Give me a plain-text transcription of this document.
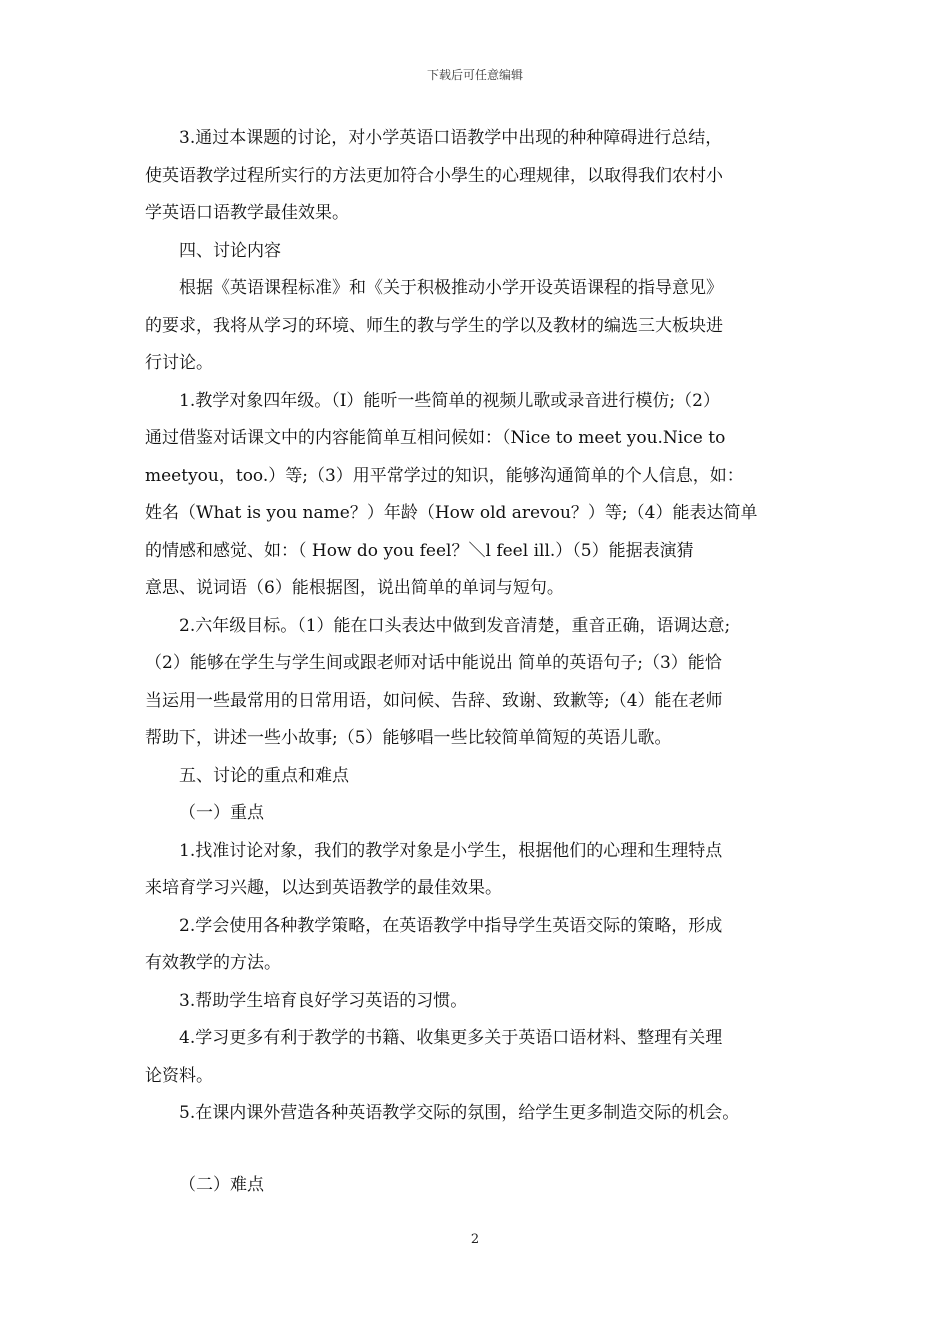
下载后可任意编辑

3.通过本课题的讨论，对小学英语口语教学中出现的种种障碍进行总结，

使英语教学过程所实行的方法更加符合小學生的心理规律，以取得我们农村小

学英语口语教学最佳效果。

四、讨论内容

根据《英语课程标准》和《关于积极推动小学开设英语课程的指导意见》

的要求，我将从学习的环境、师生的教与学生的学以及教材的编选三大板块进

行讨论。

1.教学对象四年级。（I）能听一些简单的视频儿歌或录音进行模仿;（2）

通过借鉴对话课文中的内容能简单互相问候如：（Nice to meet you.Nice to

meetyou，too.）等;（3）用平常学过的知识，能够沟通简单的个人信息，如：

姓名（What is you name？）年龄（How old arevou？）等;（4）能表达简单

的情感和感觉、如：（ How do you feel？＼l feel ill.）（5）能据表演猜

意思、说词语（6）能根据图，说出简单的单词与短句。

2.六年级目标。（1）能在口头表达中做到发音清楚，重音正确，语调达意;

（2）能够在学生与学生间或跟老师对话中能说出 简单的英语句子;（3）能恰

当运用一些最常用的日常用语，如问候、告辞、致谢、致歉等;（4）能在老师

帮助下，讲述一些小故事;（5）能够唱一些比较简单简短的英语儿歌。

五、讨论的重点和难点

（一）重点

1.找准讨论对象，我们的教学对象是小学生，根据他们的心理和生理特点

来培育学习兴趣，以达到英语教学的最佳效果。

2.学会使用各种教学策略，在英语教学中指导学生英语交际的策略，形成

有效教学的方法。

3.帮助学生培育良好学习英语的习惯。

4.学习更多有利于教学的书籍、收集更多关于英语口语材料、整理有关理

论资料。

5.在课内课外营造各种英语教学交际的氛围，给学生更多制造交际的机会。

（二）难点

2
